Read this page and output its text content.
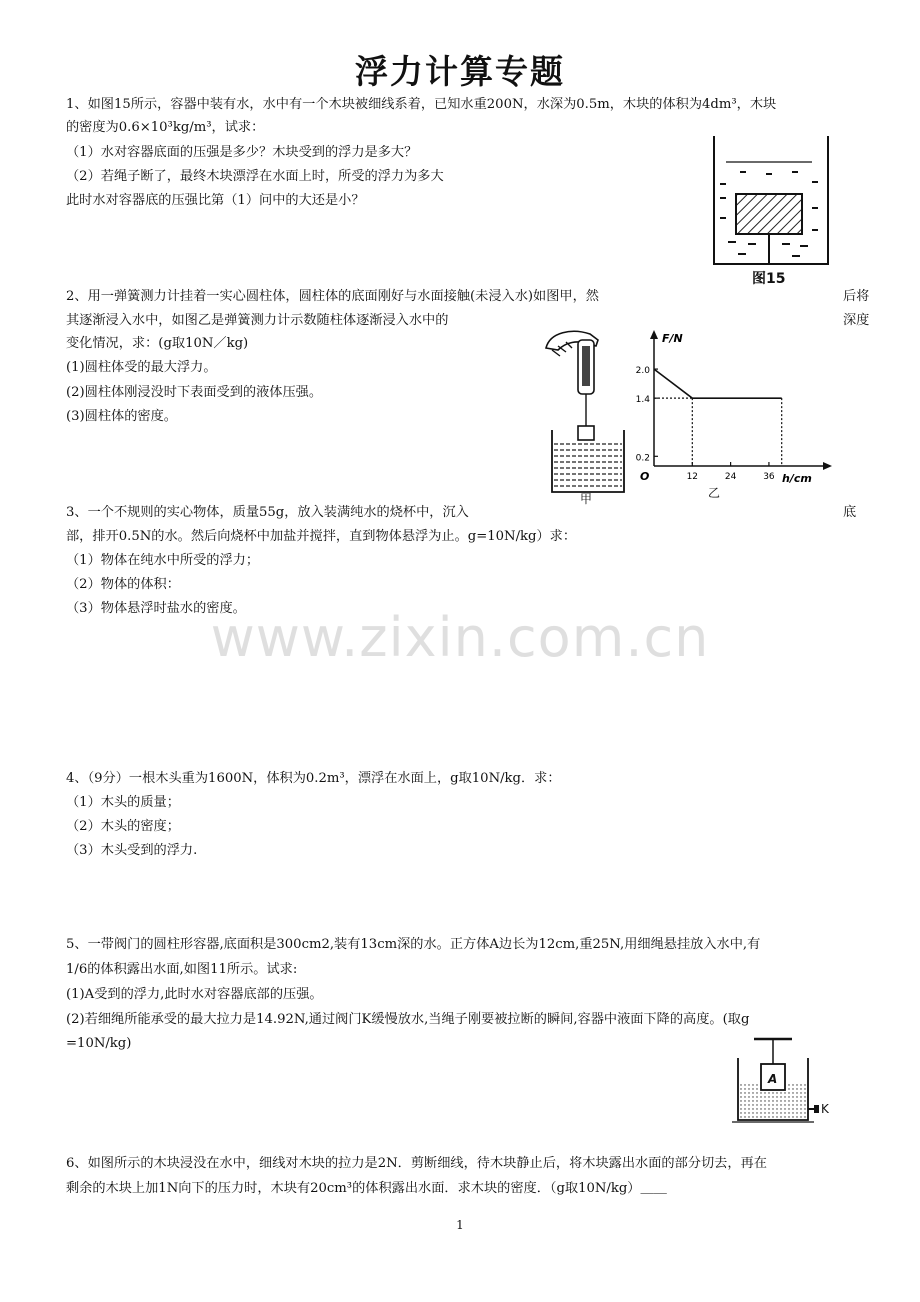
浮力计算专题
1、如图15所示，容器中装有水，水中有一个木块被细线系着，已知水重200N，水深为0.5m，木块的体积为4dm³，木块
的密度为0.6×10³kg/m³，试求：
（1）水对容器底面的压强是多少？木块受到的浮力是多大？
（2）若绳子断了，最终木块漂浮在水面上时，所受的浮力为多大
此时水对容器底的压强比第（1）问中的大还是小？
图15
2、用一弹簧测力计挂着一实心圆柱体，圆柱体的底面刚好与水面接触(未浸入水)如图甲，然	后将
其逐渐浸入水中，如图乙是弹簧测力计示数随柱体逐渐浸入水中的	深度
变化情况，求：(g取10N／kg)
(1)圆柱体受的最大浮力。
(2)圆柱体刚浸没时下表面受到的液体压强。
(3)圆柱体的密度。
甲
2.0
1.4
0.2
12	24	36
F/N
h/cm
O
乙
3、一个不规则的实心物体，质量55g，放入装满纯水的烧杯中，沉入	底
部，排开0.5N的水。然后向烧杯中加盐并搅拌，直到物体悬浮为止。g=10N/kg）求：
（1）物体在纯水中所受的浮力；
（2）物体的体积：
（3）物体悬浮时盐水的密度。
www.zixin.com.cn
4、（9分）一根木头重为1600N，体积为0.2m³，漂浮在水面上，g取10N/kg．求：
（1）木头的质量；
（2）木头的密度；
（3）木头受到的浮力.
5、一带阀门的圆柱形容器,底面积是300cm2,装有13cm深的水。正方体A边长为12cm,重25N,用细绳悬挂放入水中,有
1/6的体积露出水面,如图11所示。试求:
(1)A受到的浮力,此时水对容器底部的压强。
(2)若细绳所能承受的最大拉力是14.92N,通过阀门K缓慢放水,当绳子刚要被拉断的瞬间,容器中液面下降的高度。(取g
=10N/kg)
A
K
6、如图所示的木块浸没在水中，细线对木块的拉力是2N．剪断细线，待木块静止后，将木块露出水面的部分切去，再在
剩余的木块上加1N向下的压力时，木块有20cm³的体积露出水面．求木块的密度．（g取10N/kg）＿＿
1
